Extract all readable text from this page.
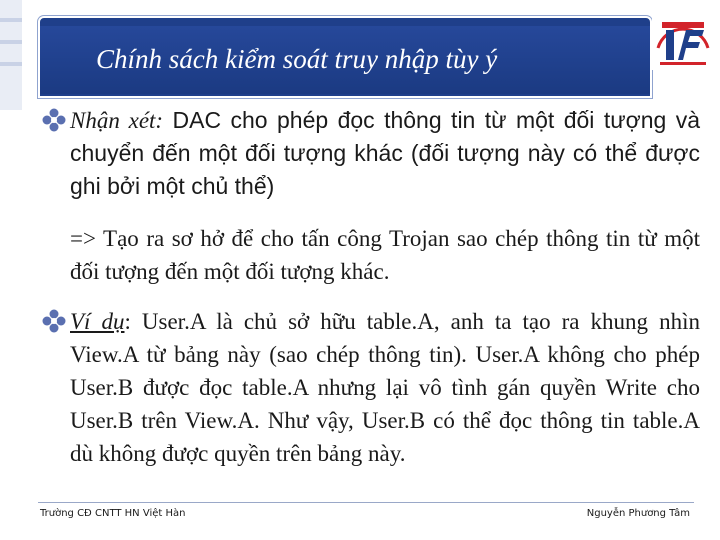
Chính sách kiểm soát truy nhập tùy ý
Nhận xét: DAC cho phép đọc thông tin từ một đối tượng và chuyển đến một đối tượng khác (đối tượng này có thể được ghi bởi một chủ thể)
=> Tạo ra sơ hở để cho tấn công Trojan sao chép thông tin từ một đối tượng đến một đối tượng khác.
Ví dụ: User.A là chủ sở hữu table.A, anh ta tạo ra khung nhìn View.A từ bảng này (sao chép thông tin). User.A không cho phép User.B được đọc table.A nhưng lại vô tình gán quyền Write cho User.B trên View.A. Như vậy, User.B có thể đọc thông tin table.A dù không được quyền trên bảng này.
Trường CĐ CNTT HN Việt Hàn	Nguyễn Phương Tâm
